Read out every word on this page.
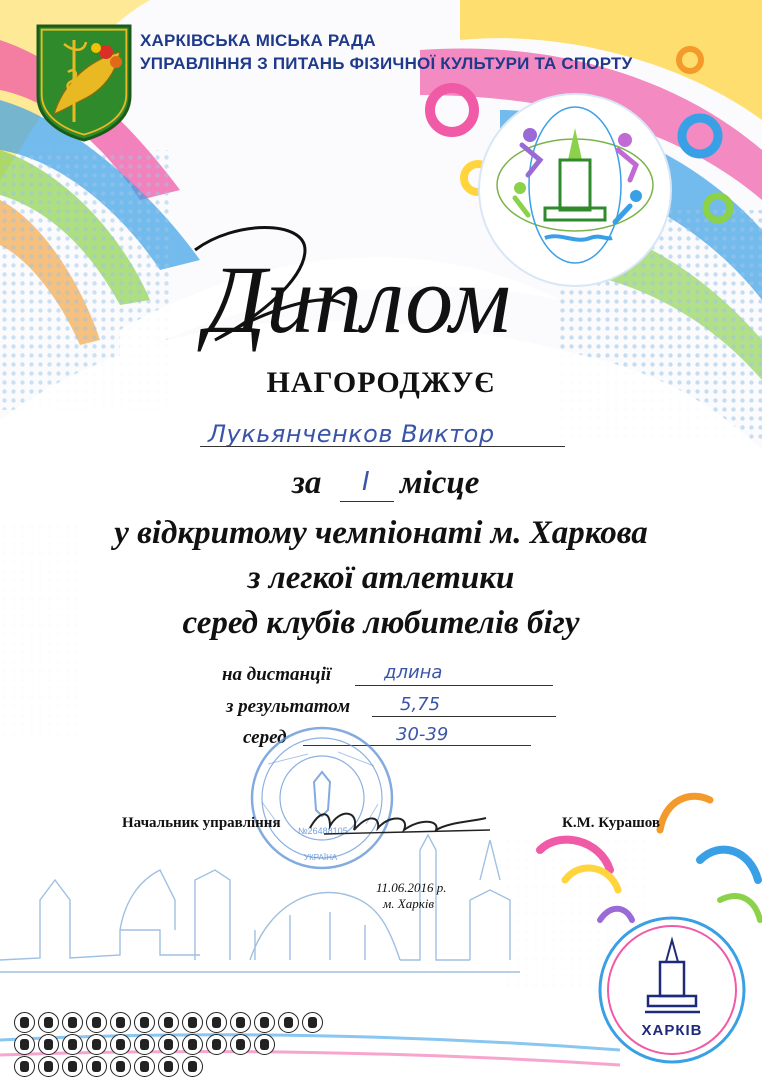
ХАРКІВСЬКА МІСЬКА РАДА
УПРАВЛІННЯ З ПИТАНЬ ФІЗИЧНОЇ КУЛЬТУРИ ТА СПОРТУ
Диплом
НАГОРОДЖУЄ
Лукьянченков Виктор
за I місце
у відкритому чемпіонаті м. Харкова
з легкої атлетики
серед клубів любителів бігу
на дистанції	длина
з результатом	5,75
серед	30-39
№26488105
УКРАЇНА
Начальник управління	К.М. Курашов
11.06.2016 р.
м. Харків
ХАРКІВ
